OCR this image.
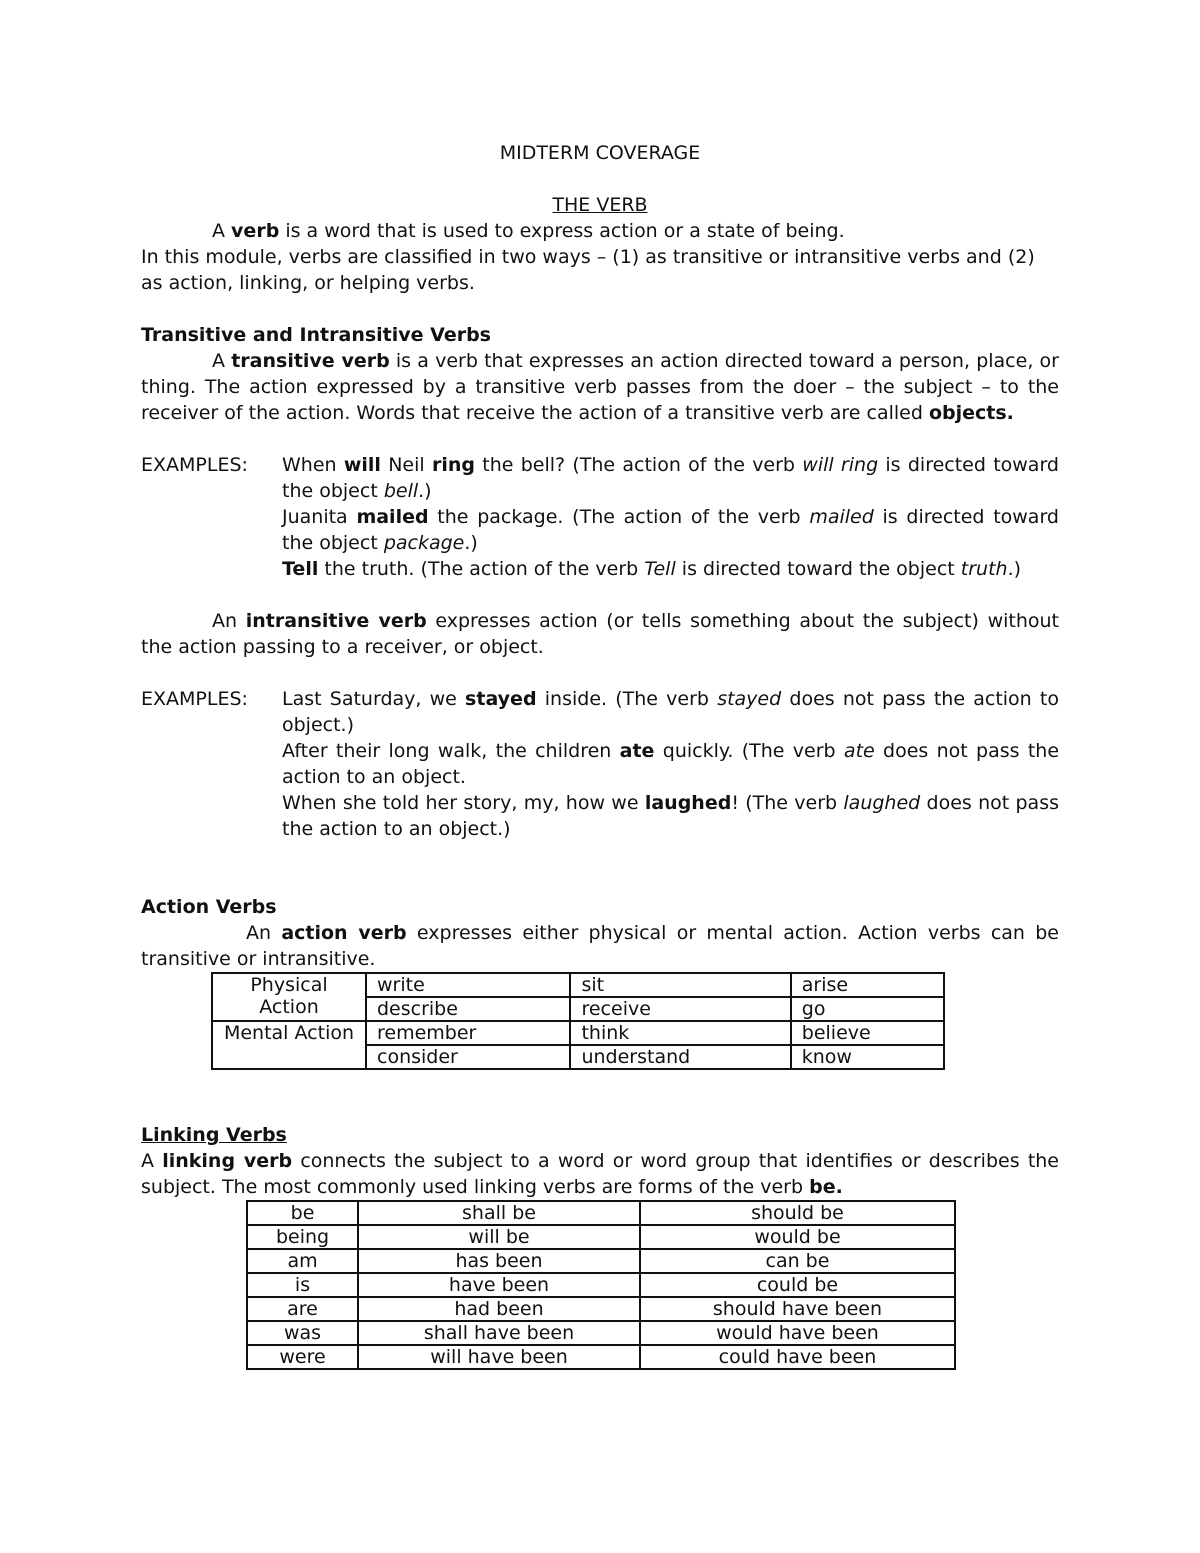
MIDTERM COVERAGE

THE VERB

A verb is a word that is used to express action or a state of being.

In this module, verbs are classified in two ways – (1) as transitive or intransitive verbs and (2) as action, linking, or helping verbs.

Transitive and Intransitive Verbs

A transitive verb is a verb that expresses an action directed toward a person, place, or thing. The action expressed by a transitive verb passes from the doer – the subject – to the receiver of the action. Words that receive the action of a transitive verb are called objects.

EXAMPLES:	When will Neil ring the bell? (The action of the verb will ring is directed toward the object bell.)

Juanita mailed the package. (The action of the verb mailed is directed toward the object package.)

Tell the truth. (The action of the verb Tell is directed toward the object truth.)

An intransitive verb expresses action (or tells something about the subject) without the action passing to a receiver, or object.

EXAMPLES:	Last Saturday, we stayed inside. (The verb stayed does not pass the action to object.)

After their long walk, the children ate quickly. (The verb ate does not pass the action to an object.

When she told her story, my, how we laughed! (The verb laughed does not pass the action to an object.)

Action Verbs

An action verb expresses either physical or mental action. Action verbs can be transitive or intransitive.

Physical Action	write	sit	arise
	describe	receive	go
Mental Action	remember	think	believe
	consider	understand	know

Linking Verbs

A linking verb connects the subject to a word or word group that identifies or describes the subject. The most commonly used linking verbs are forms of the verb be.

be	shall be	should be
being	will be	would be
am	has been	can be
is	have been	could be
are	had been	should have been
was	shall have been	would have been
were	will have been	could have been
